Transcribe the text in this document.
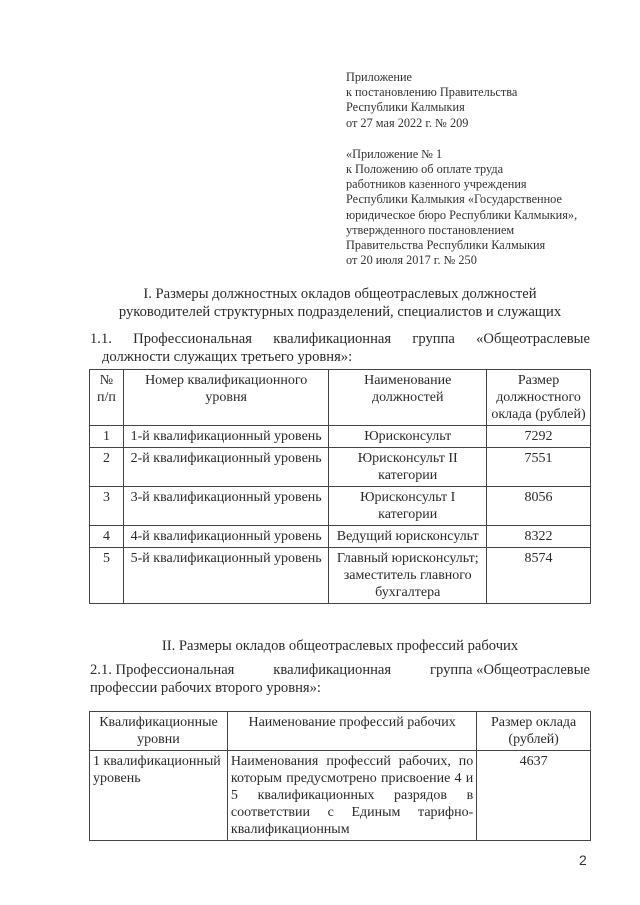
Приложение
к постановлению Правительства
Республики Калмыкия
от 27 мая 2022 г. № 209
«Приложение № 1
к Положению об оплате труда
работников казенного учреждения
Республики Калмыкия «Государственное
юридическое бюро Республики Калмыкия»,
утвержденного постановлением
Правительства Республики Калмыкия
от 20 июля 2017 г. № 250
I. Размеры должностных окладов общеотраслевых должностей
руководителей структурных подразделений, специалистов и служащих
1.1. Профессиональная квалификационная группа «Общеотраслевые
должности служащих третьего уровня»:
№ п/п	Номер квалификационного уровня	Наименование должностей	Размер должностного оклада (рублей)
1	1-й квалификационный уровень	Юрисконсульт	7292
2	2-й квалификационный уровень	Юрисконсульт II категории	7551
3	3-й квалификационный уровень	Юрисконсульт I категории	8056
4	4-й квалификационный уровень	Ведущий юрисконсульт	8322
5	5-й квалификационный уровень	Главный юрисконсульт; заместитель главного бухгалтера	8574
II. Размеры окладов общеотраслевых профессий рабочих
2.1. Профессиональная	квалификационная	группа «Общеотраслевые
профессии рабочих второго уровня»:
Квалификационные уровни	Наименование профессий рабочих	Размер оклада (рублей)
1 квалификационный уровень	Наименования профессий рабочих, по которым предусмотрено присвоение 4 и 5 квалификационных разрядов в соответствии с Единым тарифно-квалификационным	4637
2
